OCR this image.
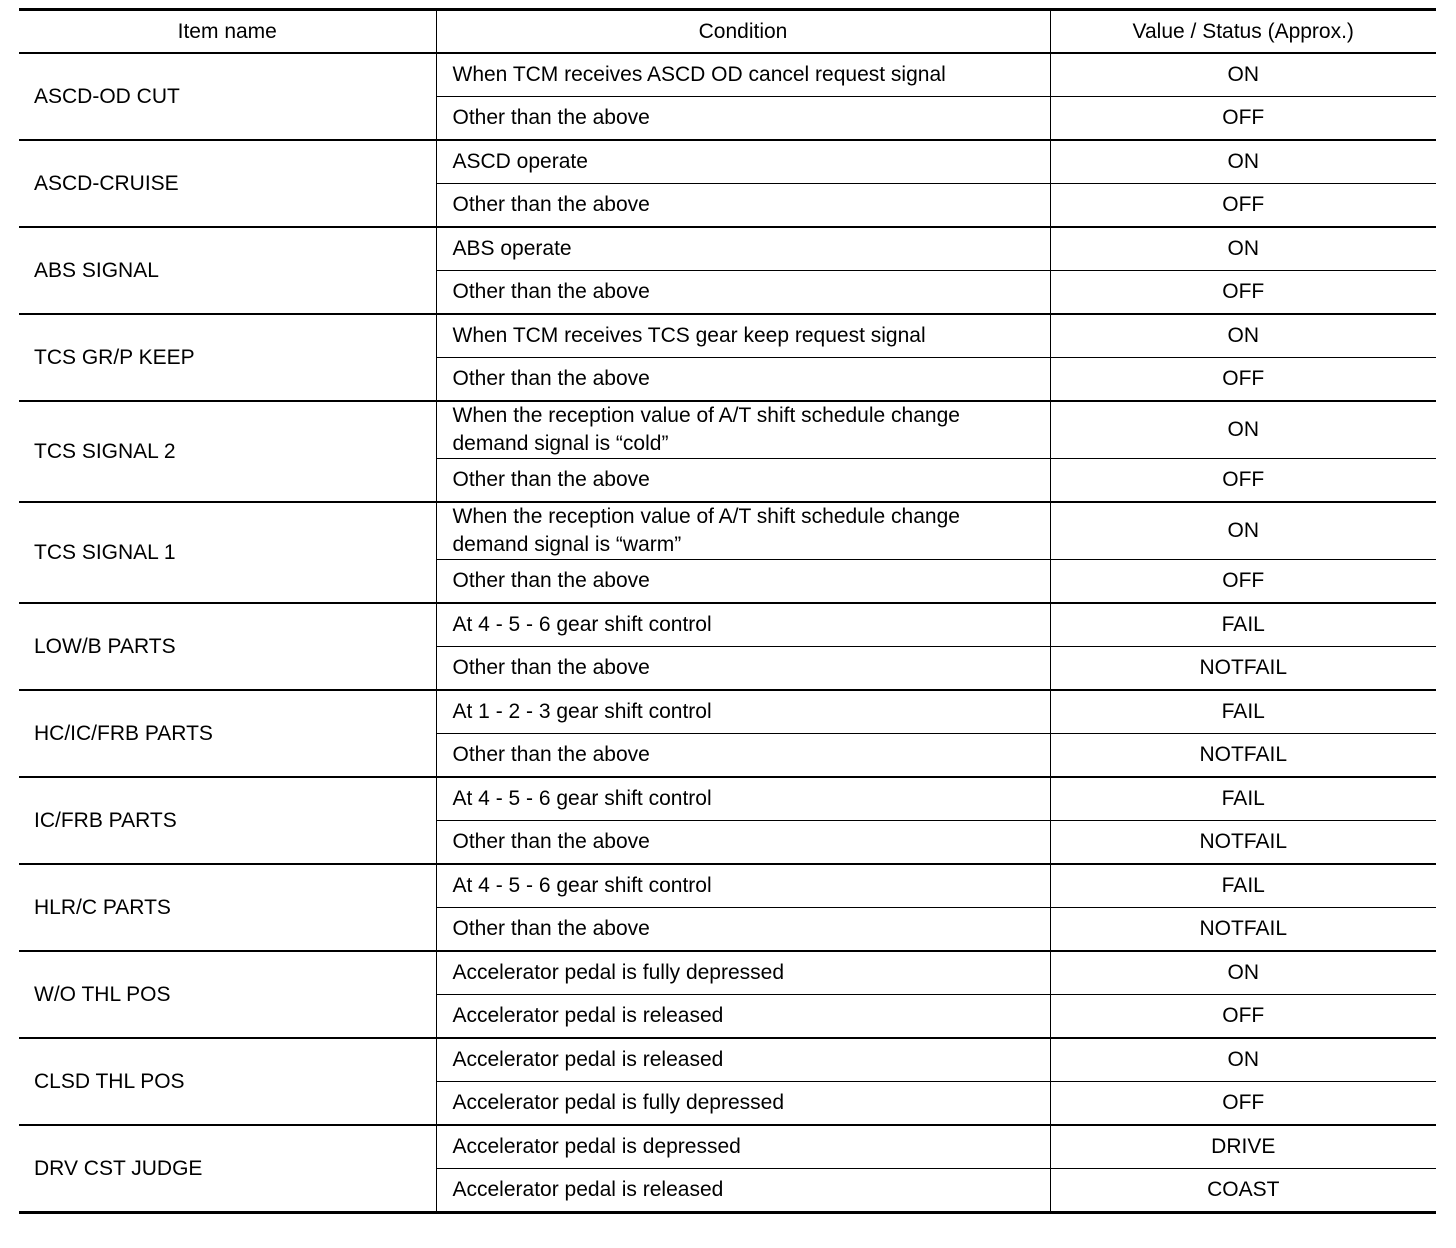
Item name	Condition	Value / Status (Approx.)
ASCD-OD CUT	When TCM receives ASCD OD cancel request signal	ON
	Other than the above	OFF
ASCD-CRUISE	ASCD operate	ON
	Other than the above	OFF
ABS SIGNAL	ABS operate	ON
	Other than the above	OFF
TCS GR/P KEEP	When TCM receives TCS gear keep request signal	ON
	Other than the above	OFF
TCS SIGNAL 2	When the reception value of A/T shift schedule change demand signal is “cold”	ON
	Other than the above	OFF
TCS SIGNAL 1	When the reception value of A/T shift schedule change demand signal is “warm”	ON
	Other than the above	OFF
LOW/B PARTS	At 4 - 5 - 6 gear shift control	FAIL
	Other than the above	NOTFAIL
HC/IC/FRB PARTS	At 1 - 2 - 3 gear shift control	FAIL
	Other than the above	NOTFAIL
IC/FRB PARTS	At 4 - 5 - 6 gear shift control	FAIL
	Other than the above	NOTFAIL
HLR/C PARTS	At 4 - 5 - 6 gear shift control	FAIL
	Other than the above	NOTFAIL
W/O THL POS	Accelerator pedal is fully depressed	ON
	Accelerator pedal is released	OFF
CLSD THL POS	Accelerator pedal is released	ON
	Accelerator pedal is fully depressed	OFF
DRV CST JUDGE	Accelerator pedal is depressed	DRIVE
	Accelerator pedal is released	COAST
